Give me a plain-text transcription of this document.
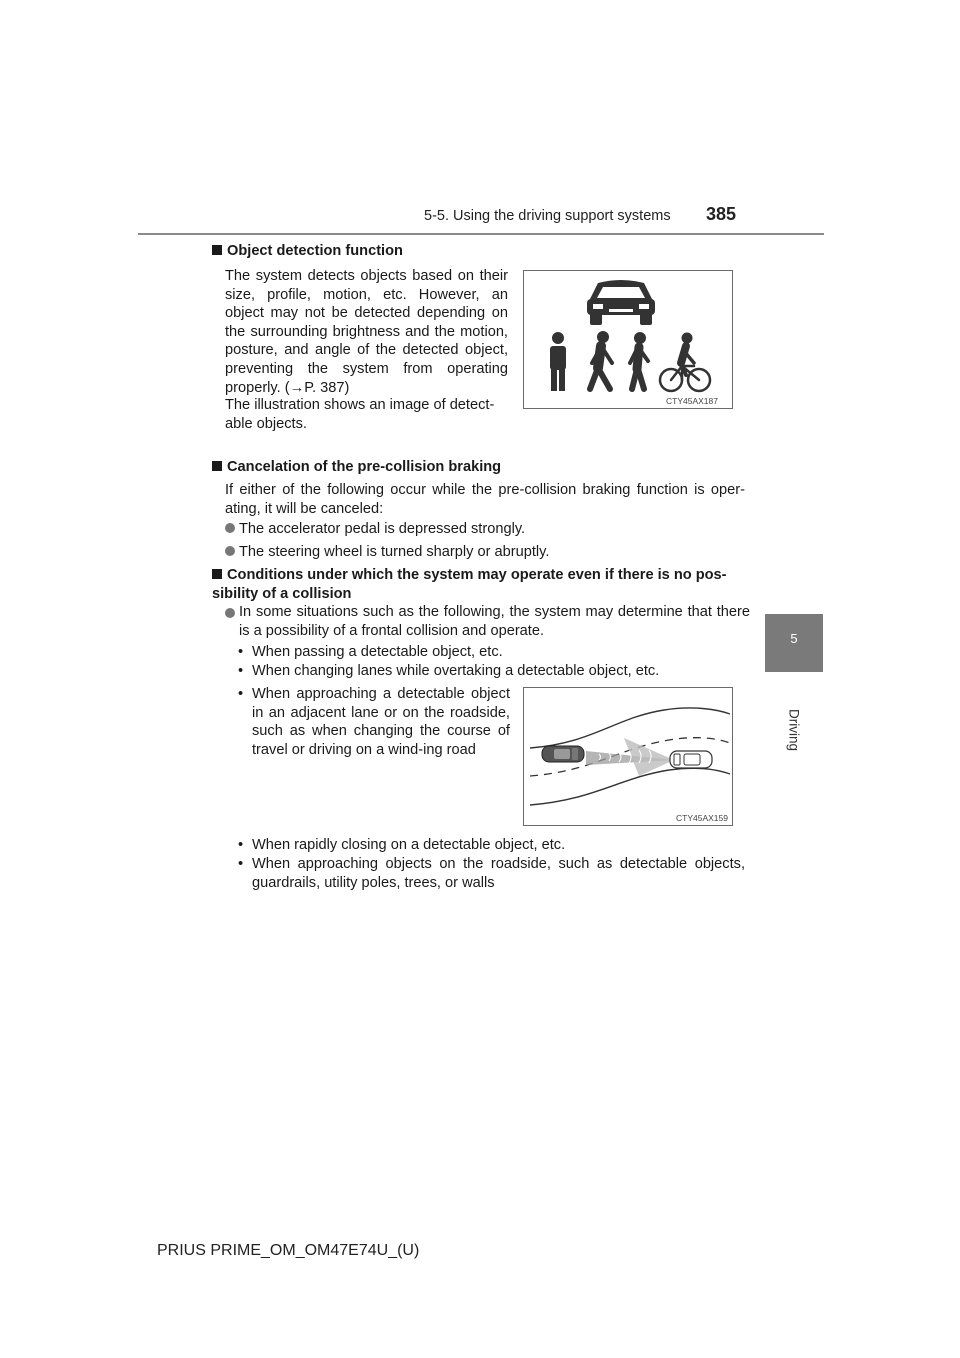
5-5. Using the driving support systems 385
5
Driving
Object detection function
The system detects objects based on their size, profile, motion, etc. However, an object may not be detected depending on the surrounding brightness and the motion, posture, and angle of the detected object, preventing the system from operating properly. (→P. 387)
The illustration shows an image of detect-able objects.
CTY45AX187
Cancelation of the pre-collision braking
If either of the following occur while the pre-collision braking function is oper-ating, it will be canceled:
The accelerator pedal is depressed strongly.
The steering wheel is turned sharply or abruptly.
Conditions under which the system may operate even if there is no pos-sibility of a collision
In some situations such as the following, the system may determine that there is a possibility of a frontal collision and operate.
• When passing a detectable object, etc.
• When changing lanes while overtaking a detectable object, etc.
• When approaching a detectable object in an adjacent lane or on the roadside, such as when changing the course of travel or driving on a wind-ing road
CTY45AX159
• When rapidly closing on a detectable object, etc.
• When approaching objects on the roadside, such as detectable objects, guardrails, utility poles, trees, or walls
PRIUS PRIME_OM_OM47E74U_(U)
